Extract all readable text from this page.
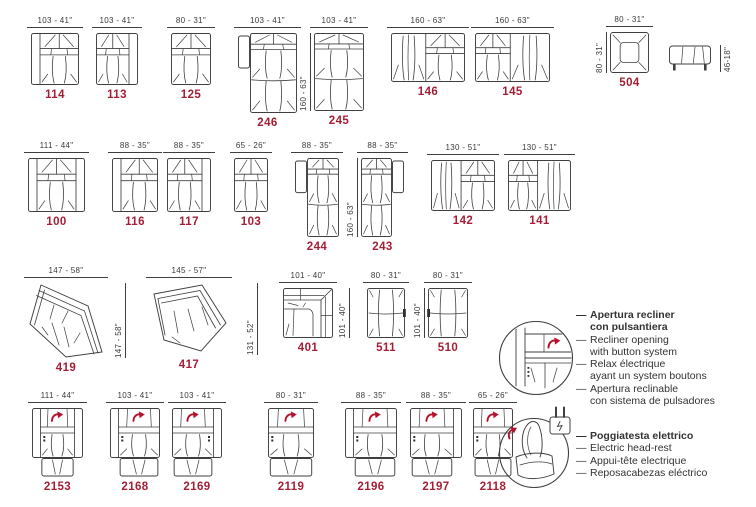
103 - 41"
114
103 - 41"
113
80 - 31"
125
103 - 41"
246
103 - 41"
245
160 - 63"
160 - 63"
146
160 - 63"
145
80 - 31"
504
80 - 31"	46-18"
111 - 44"
100
88 - 35"
116
88 - 35"
117
65 - 26"
103
88 - 35"
244
88 - 35"
243
160 - 63"
130 - 51"
142
130 - 51"
141
147 - 58"
419
147 - 58"
145 - 57"
417
131 - 52"
101 - 40"
401
101 - 40"
80 - 31"
511
80 - 31"
510
101 - 40"
111 - 44"
2153
103 - 41"
2168
103 - 41"
2169
80 - 31"
2119
88 - 35"
2196
88 - 35"
2197
65 - 26"
2118
— Apertura recliner
con pulsantiera
— Recliner opening
with button system
— Relax électrique
ayant un system boutons
— Apertura reclinable
con sistema de pulsadores
— Poggiatesta elettrico
— Electric head-rest
— Appui-tête electrique
— Reposacabezas eléctrico
